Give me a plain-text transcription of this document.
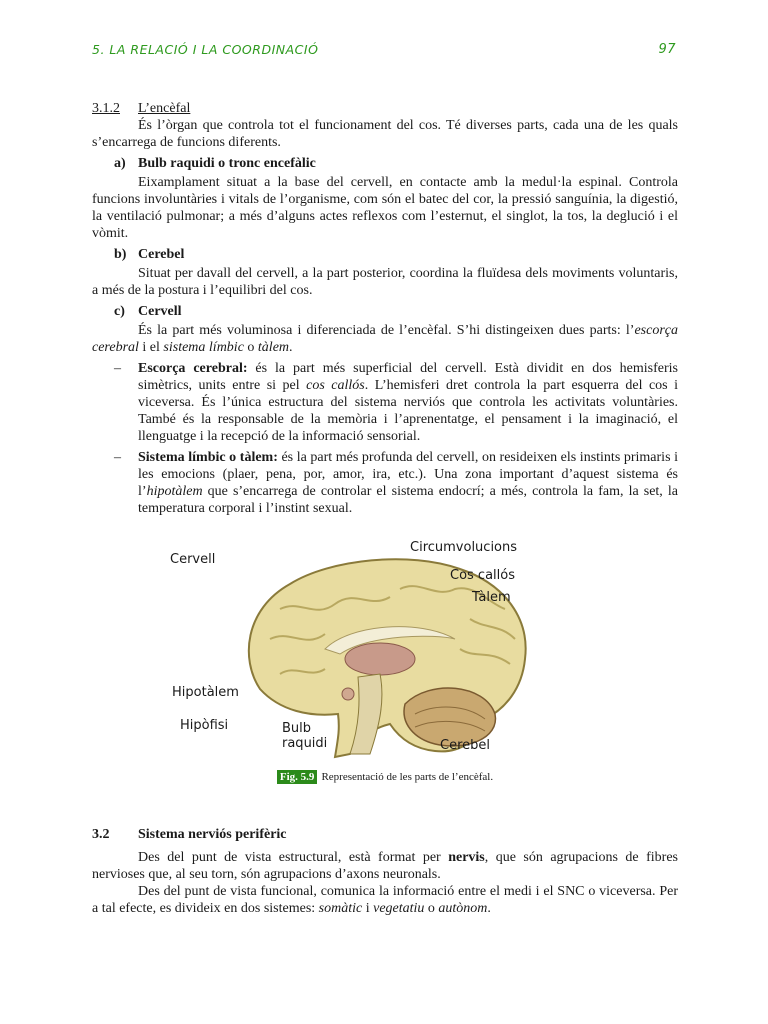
5. LA RELACIÓ I LA COORDINACIÓ	97

3.1.2 L’encèfal

És l’òrgan que controla tot el funcionament del cos. Té diverses parts, cada una de les quals s’encarrega de funcions diferents.

a) Bulb raquidi o tronc encefàlic

Eixamplament situat a la base del cervell, en contacte amb la medul·la espinal. Controla funcions involuntàries i vitals de l’organisme, com són el batec del cor, la pressió sanguínia, la digestió, la ventilació pulmonar; a més d’alguns actes reflexos com l’esternut, el singlot, la tos, la deglució i el vòmit.

b) Cerebel

Situat per davall del cervell, a la part posterior, coordina la fluïdesa dels moviments voluntaris, a més de la postura i l’equilibri del cos.

c) Cervell

És la part més voluminosa i diferenciada de l’encèfal. S’hi distingeixen dues parts: l’escorça cerebral i el sistema límbic o tàlem.

– Escorça cerebral: és la part més superficial del cervell. Està dividit en dos hemisferis simètrics, units entre si pel cos callós. L’hemisferi dret controla la part esquerra del cos i viceversa. És l’única estructura del sistema nerviós que controla les activitats voluntàries. També és la responsable de la memòria i l’aprenentatge, el pensament i la imaginació, el llenguatge i la recepció de la informació sensorial.

– Sistema límbic o tàlem: és la part més profunda del cervell, on resideixen els instints primaris i les emocions (plaer, pena, por, amor, ira, etc.). Una zona important d’aquest sistema és l’hipotàlem que s’encarrega de controlar el sistema endocrí; a més, controla la fam, la set, la temperatura corporal i l’instint sexual.

Cervell
Circumvolucions
Cos callós
Tàlem
Hipotàlem
Hipòfisi	Bulb
raquidi	Cerebel

Fig. 5.9 Representació de les parts de l’encèfal.

3.2 Sistema nerviós perifèric

Des del punt de vista estructural, està format per nervis, que són agrupacions de fibres nervioses que, al seu torn, són agrupacions d’axons neuronals.

Des del punt de vista funcional, comunica la informació entre el medi i el SNC o viceversa. Per a tal efecte, es divideix en dos sistemes: somàtic i vegetatiu o autònom.
